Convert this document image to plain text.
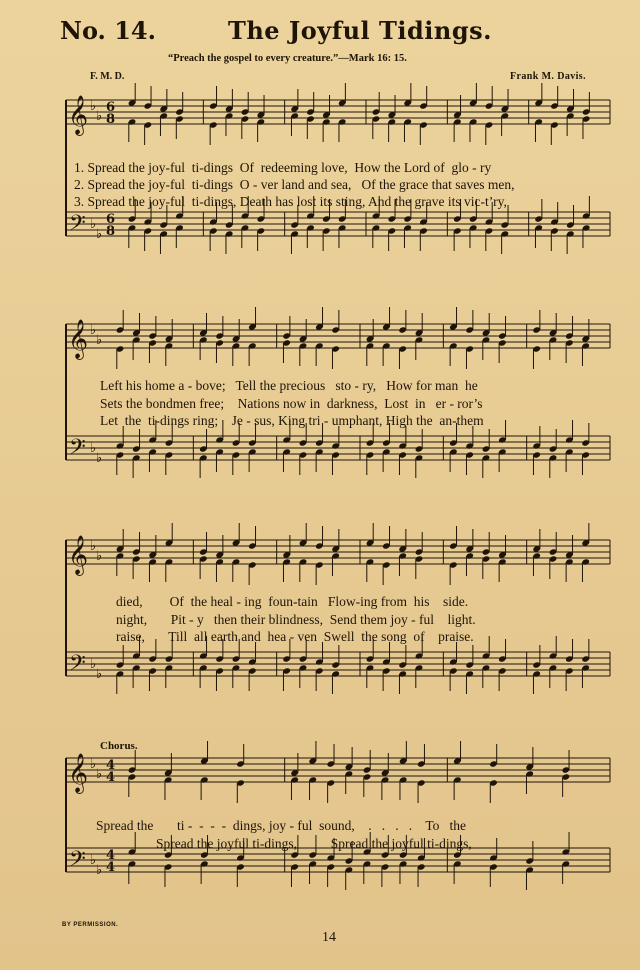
No. 14.	The Joyful Tidings.
“Preach the gospel to every creature.”—Mark 16: 15.
F. M. D.	Frank M. Davis.
𝄞
𝄢
♭
♭
♭
♭
6
8
6
8
1. Spread the joy-ful  ti-dings  Of  redeeming love,  How the Lord of  glo - ry
2. Spread the joy-ful  ti-dings  O - ver land and sea,   Of the grace that saves men,
3. Spread the joy-ful  ti-dings, Death has lost its sting, And the grave its vic-t’ry,
𝄞
𝄢
♭
♭
♭
♭
Left his home a - bove;   Tell the precious   sto - ry,   How for man  he
Sets the bondmen free;    Nations now in  darkness,  Lost  in   er - ror’s
Let  the  ti-dings ring;    Je - sus, King tri - umphant, High the  an-them
𝄞
𝄢
♭
♭
♭
♭
died,        Of  the heal - ing  foun-tain   Flow-ing from  his    side.
night,       Pit - y   then their blindness,  Send them joy - ful    light.
raise,       Till  all earth and  hea - ven  Swell  the song  of    praise.
Chorus.
𝄞
𝄢
♭
♭
♭
♭
4
4
4
4
Spread the       ti -  -  -  -  dings, joy - ful  sound,    .   .   .   .    To   the
Spread the joyful ti-dings,          Spread the joyful ti-dings,
BY PERMISSION.
14
